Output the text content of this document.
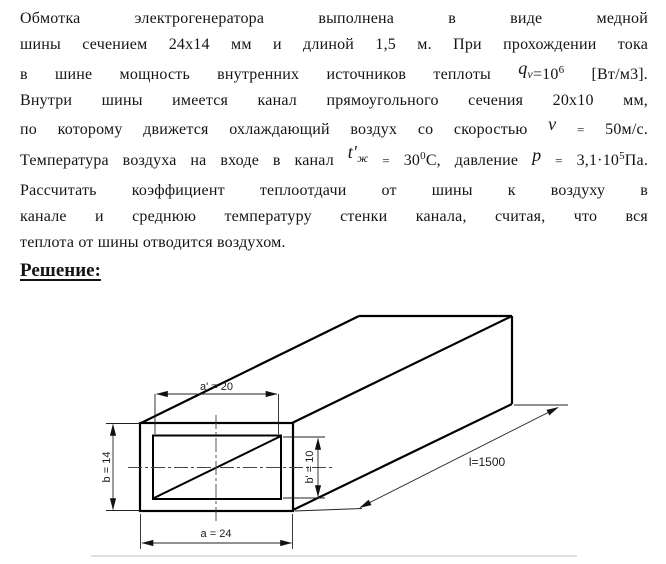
Обмотка электрогенератора выполнена в виде медной
шины сечением 24х14 мм и длиной 1,5 м. При прохождении тока
в шине мощность внутренних источников теплоты $q_v=10^6$ [Вт/м3].
Внутри шины имеется канал прямоугольного сечения 20х10 мм,
по которому движется охлаждающий воздух со скоростью v = 50м/с.
Температура воздуха на входе в канал $t'_ж = 30^0С$, давление $p = 3,1\cdot 10^5Па$.
Рассчитать коэффициент теплоотдачи от шины к воздуху в
канале и среднюю температуру стенки канала, считая, что вся
теплота от шины отводится воздухом.
Решение:
a' = 20
b = 14	b' = 10
a = 24
l=1500
